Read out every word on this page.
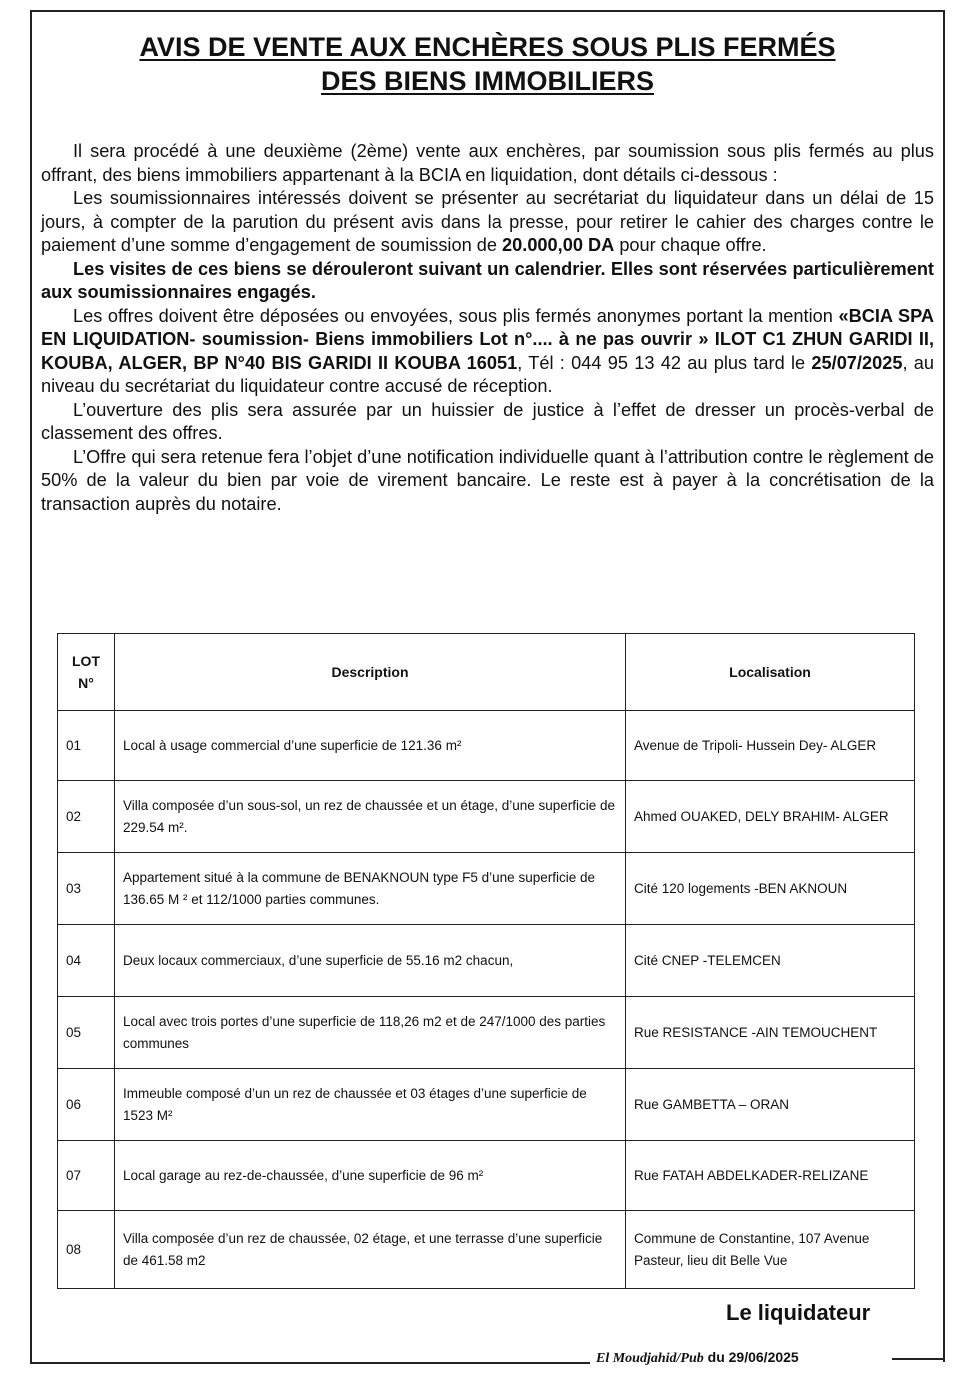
AVIS DE VENTE AUX ENCHÈRES SOUS PLIS FERMÉS
DES BIENS IMMOBILIERS

Il sera procédé à une deuxième (2ème) vente aux enchères, par soumission sous plis fermés au plus offrant, des biens immobiliers appartenant à la BCIA en liquidation, dont détails ci-dessous :

Les soumissionnaires intéressés doivent se présenter au secrétariat du liquidateur dans un délai de 15 jours, à compter de la parution du présent avis dans la presse, pour retirer le cahier des charges contre le paiement d’une somme d’engagement de soumission de 20.000,00 DA pour chaque offre.

Les visites de ces biens se dérouleront suivant un calendrier. Elles sont réservées particulièrement aux soumissionnaires engagés.

Les offres doivent être déposées ou envoyées, sous plis fermés anonymes portant la mention «BCIA SPA EN LIQUIDATION- soumission- Biens immobiliers Lot n°.... à ne pas ouvrir » ILOT C1 ZHUN GARIDI II, KOUBA, ALGER, BP N°40 BIS GARIDI II KOUBA 16051, Tél : 044 95 13 42 au plus tard le 25/07/2025, au niveau du secrétariat du liquidateur contre accusé de réception.

L’ouverture des plis sera assurée par un huissier de justice à l’effet de dresser un procès-verbal de classement des offres.

L’Offre qui sera retenue fera l’objet d’une notification individuelle quant à l’attribution contre le règlement de 50% de la valeur du bien par voie de virement bancaire. Le reste est à payer à la concrétisation de la transaction auprès du notaire.

LOT N°	Description	Localisation
01	Local à usage commercial d’une superficie de 121.36 m²	Avenue de Tripoli- Hussein Dey- ALGER
02	Villa composée d’un sous-sol, un rez de chaussée et un étage, d’une superficie de 229.54 m².	Ahmed OUAKED, DELY BRAHIM- ALGER
03	Appartement situé à la commune de BENAKNOUN type F5 d’une superficie de 136.65 M ² et 112/1000 parties communes.	Cité 120 logements -BEN AKNOUN
04	Deux locaux commerciaux, d’une superficie de 55.16 m2 chacun,	Cité CNEP -TELEMCEN
05	Local avec trois portes d’une superficie de 118,26 m2 et de 247/1000 des parties communes	Rue RESISTANCE -AIN TEMOUCHENT
06	Immeuble composé d’un un rez de chaussée et 03 étages d’une superficie de 1523 M²	Rue GAMBETTA – ORAN
07	Local garage au rez-de-chaussée, d’une superficie de 96 m²	Rue FATAH ABDELKADER-RELIZANE
08	Villa composée d’un rez de chaussée, 02 étage, et une terrasse d’une superficie de 461.58 m2	Commune de Constantine, 107 Avenue Pasteur, lieu dit Belle Vue
Le liquidateur
El Moudjahid/Pub du 29/06/2025
